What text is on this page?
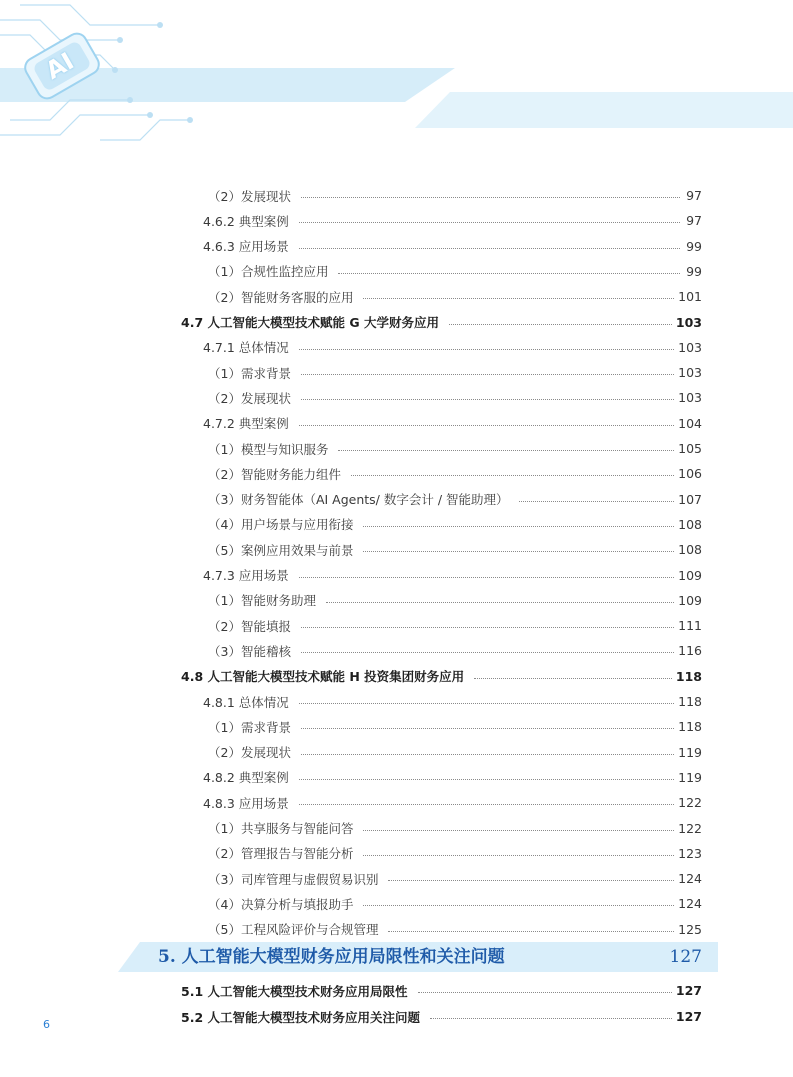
AI
（2）发展现状	97
4.6.2 典型案例	97
4.6.3 应用场景	99
（1）合规性监控应用	99
（2）智能财务客服的应用	101
4.7 人工智能大模型技术赋能 G 大学财务应用	103
4.7.1 总体情况	103
（1）需求背景	103
（2）发展现状	103
4.7.2 典型案例	104
（1）模型与知识服务	105
（2）智能财务能力组件	106
（3）财务智能体（AI Agents/ 数字会计 / 智能助理）	107
（4）用户场景与应用衔接	108
（5）案例应用效果与前景	108
4.7.3 应用场景	109
（1）智能财务助理	109
（2）智能填报	111
（3）智能稽核	116
4.8 人工智能大模型技术赋能 H 投资集团财务应用	118
4.8.1 总体情况	118
（1）需求背景	118
（2）发展现状	119
4.8.2 典型案例	119
4.8.3 应用场景	122
（1）共享服务与智能问答	122
（2）管理报告与智能分析	123
（3）司库管理与虚假贸易识别	124
（4）决算分析与填报助手	124
（5）工程风险评价与合规管理	125
5. 人工智能大模型财务应用局限性和关注问题	127
5.1 人工智能大模型技术财务应用局限性	127
5.2 人工智能大模型技术财务应用关注问题	127
6
